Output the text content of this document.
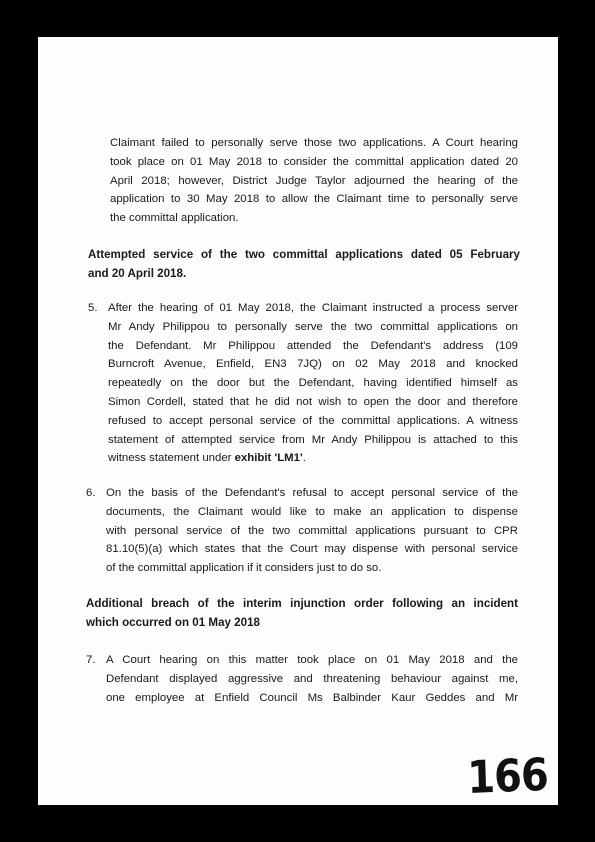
Claimant failed to personally serve those two applications. A Court hearing
took place on 01 May 2018 to consider the committal application dated 20
April 2018; however, District Judge Taylor adjourned the hearing of the
application to 30 May 2018 to allow the Claimant time to personally serve
the committal application.
Attempted service of the two committal applications dated 05 February
and 20 April 2018.
5. After the hearing of 01 May 2018, the Claimant instructed a process server
Mr Andy Philippou to personally serve the two committal applications on
the Defendant. Mr Philippou attended the Defendant's address (109
Burncroft Avenue, Enfield, EN3 7JQ) on 02 May 2018 and knocked
repeatedly on the door but the Defendant, having identified himself as
Simon Cordell, stated that he did not wish to open the door and therefore
refused to accept personal service of the committal applications. A witness
statement of attempted service from Mr Andy Philippou is attached to this
witness statement under exhibit 'LM1'.
6. On the basis of the Defendant's refusal to accept personal service of the
documents, the Claimant would like to make an application to dispense
with personal service of the two committal applications pursuant to CPR
81.10(5)(a) which states that the Court may dispense with personal service
of the committal application if it considers just to do so.
Additional breach of the interim injunction order following an incident
which occurred on 01 May 2018
7. A Court hearing on this matter took place on 01 May 2018 and the
Defendant displayed aggressive and threatening behaviour against me,
one employee at Enfield Council Ms Balbinder Kaur Geddes and Mr
166
